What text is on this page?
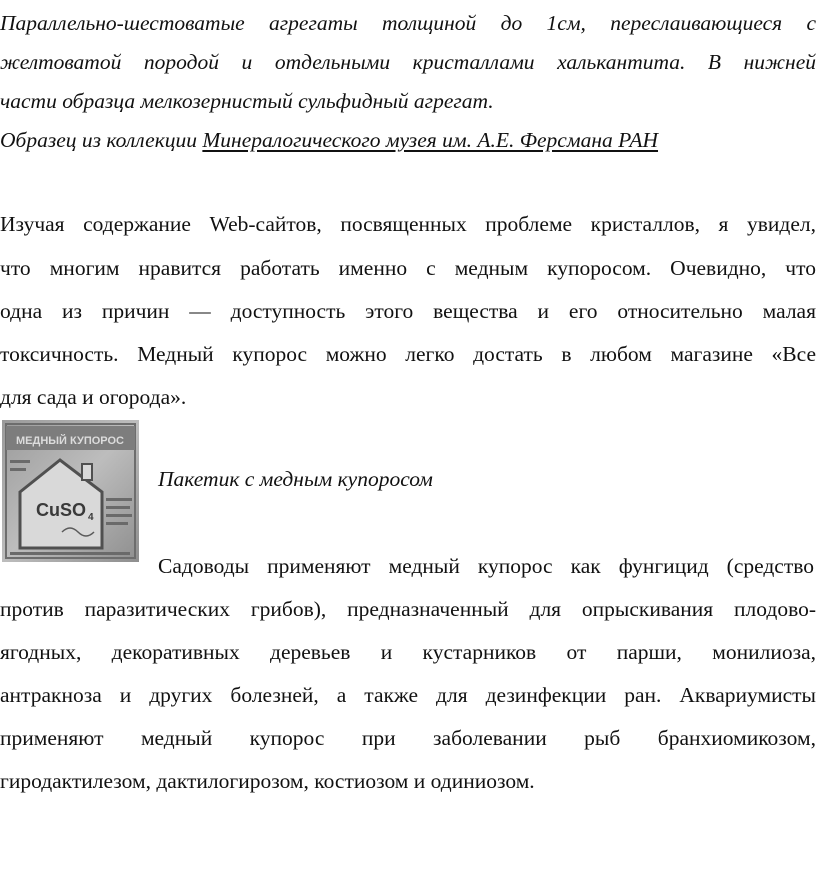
Параллельно-шестоватые агрегаты толщиной до 1см, переслаивающиеся с
желтоватой породой и отдельными кристаллами халькантита. В нижней
части образца мелкозернистый сульфидный агрегат.
Образец из коллекции Минералогического музея им. А.Е. Ферсмана РАН
Изучая содержание Web-сайтов, посвященных проблеме кристаллов, я увидел,
что многим нравится работать именно с медным купоросом. Очевидно, что
одна из причин — доступность этого вещества и его относительно малая
токсичность. Медный купорос можно легко достать в любом магазине «Все
для сада и огорода».
МЕДНЫЙ КУПОРОС
CuSO 4
Пакетик с медным купоросом
Садоводы применяют медный купорос как фунгицид (средство
против паразитических грибов), предназначенный для опрыскивания плодово-
ягодных, декоративных деревьев и кустарников от парши, монилиоза,
антракноза и других болезней, а также для дезинфекции ран. Аквариумисты
применяют медный купорос при заболевании рыб бранхиомикозом,
гиродактилезом, дактилогирозом, костиозом и одиниозом.
